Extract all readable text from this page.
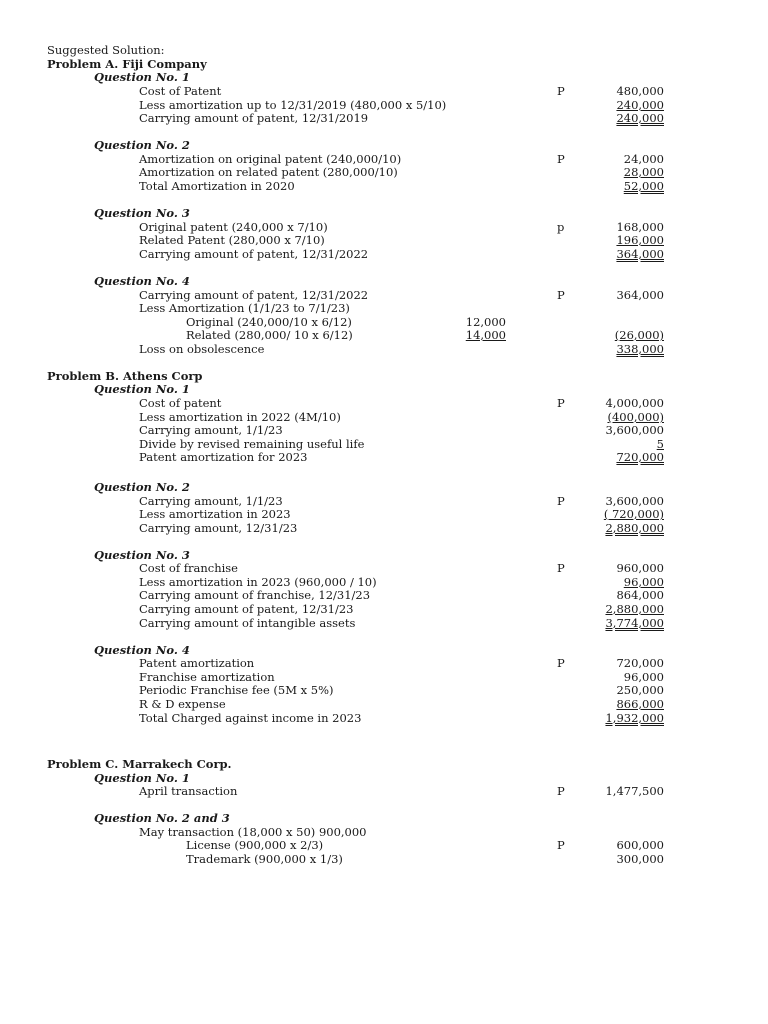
Suggested Solution:
Problem A. Fiji Company
Question No. 1
Cost of Patent	P	480,000
Less amortization up to 12/31/2019 (480,000 x 5/10)	240,000
Carrying amount of patent, 12/31/2019	240,000
Question No. 2
Amortization on original patent (240,000/10)	P	24,000
Amortization on related patent (280,000/10)	28,000
Total Amortization in 2020	52,000
Question No. 3
Original patent (240,000 x 7/10)	p	168,000
Related Patent (280,000 x 7/10)	196,000
Carrying amount of patent, 12/31/2022	364,000
Question No. 4
Carrying amount of patent, 12/31/2022	P	364,000
Less Amortization (1/1/23 to 7/1/23)
Original (240,000/10 x 6/12)	12,000
Related (280,000/ 10 x 6/12)	14,000	(26,000)
Loss on obsolescence	338,000
Problem B. Athens Corp
Question No. 1
Cost of patent	P	4,000,000
Less amortization in 2022 (4M/10)	(400,000)
Carrying amount, 1/1/23	3,600,000
Divide by revised remaining useful life	5
Patent amortization for 2023	720,000
Question No. 2
Carrying amount, 1/1/23	P	3,600,000
Less amortization in 2023	( 720,000)
Carrying amount, 12/31/23	2,880,000
Question No. 3
Cost of franchise	P	960,000
Less amortization in 2023 (960,000 / 10)	96,000
Carrying amount of franchise, 12/31/23	864,000
Carrying amount of patent, 12/31/23	2,880,000
Carrying amount of intangible assets	3,774,000
Question No. 4
Patent amortization	P	720,000
Franchise amortization	96,000
Periodic Franchise fee (5M x 5%)	250,000
R & D expense	866,000
Total Charged against income in 2023	1,932,000
Problem C. Marrakech Corp.
Question No. 1
April transaction	P	1,477,500
Question No. 2 and 3
May transaction (18,000 x 50) 900,000
License (900,000 x 2/3)	P	600,000
Trademark (900,000 x 1/3)	300,000
